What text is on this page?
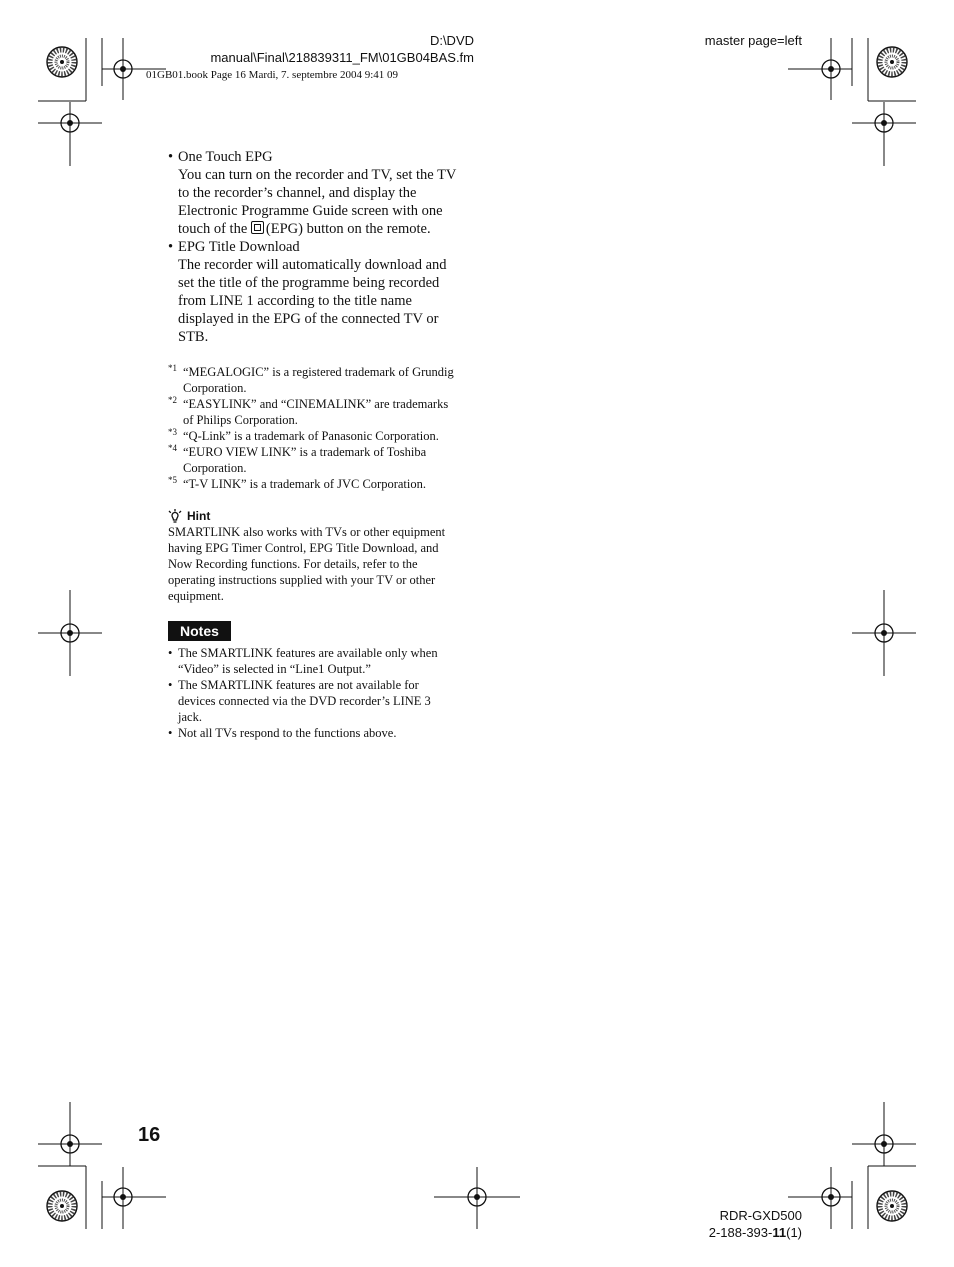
D:\DVD
manual\Final\218839311_FM\01GB04BAS.fm
01GB01.book Page 16 Mardi, 7. septembre 2004 9:41 09
master page=left
• One Touch EPG
You can turn on the recorder and TV, set the TV
to the recorder’s channel, and display the
Electronic Programme Guide screen with one
touch of the (EPG) button on the remote.
• EPG Title Download
The recorder will automatically download and
set the title of the programme being recorded
from LINE 1 according to the title name
displayed in the EPG of the connected TV or
STB.
*1 “MEGALOGIC” is a registered trademark of Grundig
Corporation.
*2 “EASYLINK” and “CINEMALINK” are trademarks
of Philips Corporation.
*3 “Q-Link” is a trademark of Panasonic Corporation.
*4 “EURO VIEW LINK” is a trademark of Toshiba
Corporation.
*5 “T-V LINK” is a trademark of JVC Corporation.
Hint
SMARTLINK also works with TVs or other equipment
having EPG Timer Control, EPG Title Download, and
Now Recording functions. For details, refer to the
operating instructions supplied with your TV or other
equipment.
Notes
• The SMARTLINK features are available only when
“Video” is selected in “Line1 Output.”
• The SMARTLINK features are not available for
devices connected via the DVD recorder’s LINE 3
jack.
• Not all TVs respond to the functions above.
16
RDR-GXD500
2-188-393-11(1)
